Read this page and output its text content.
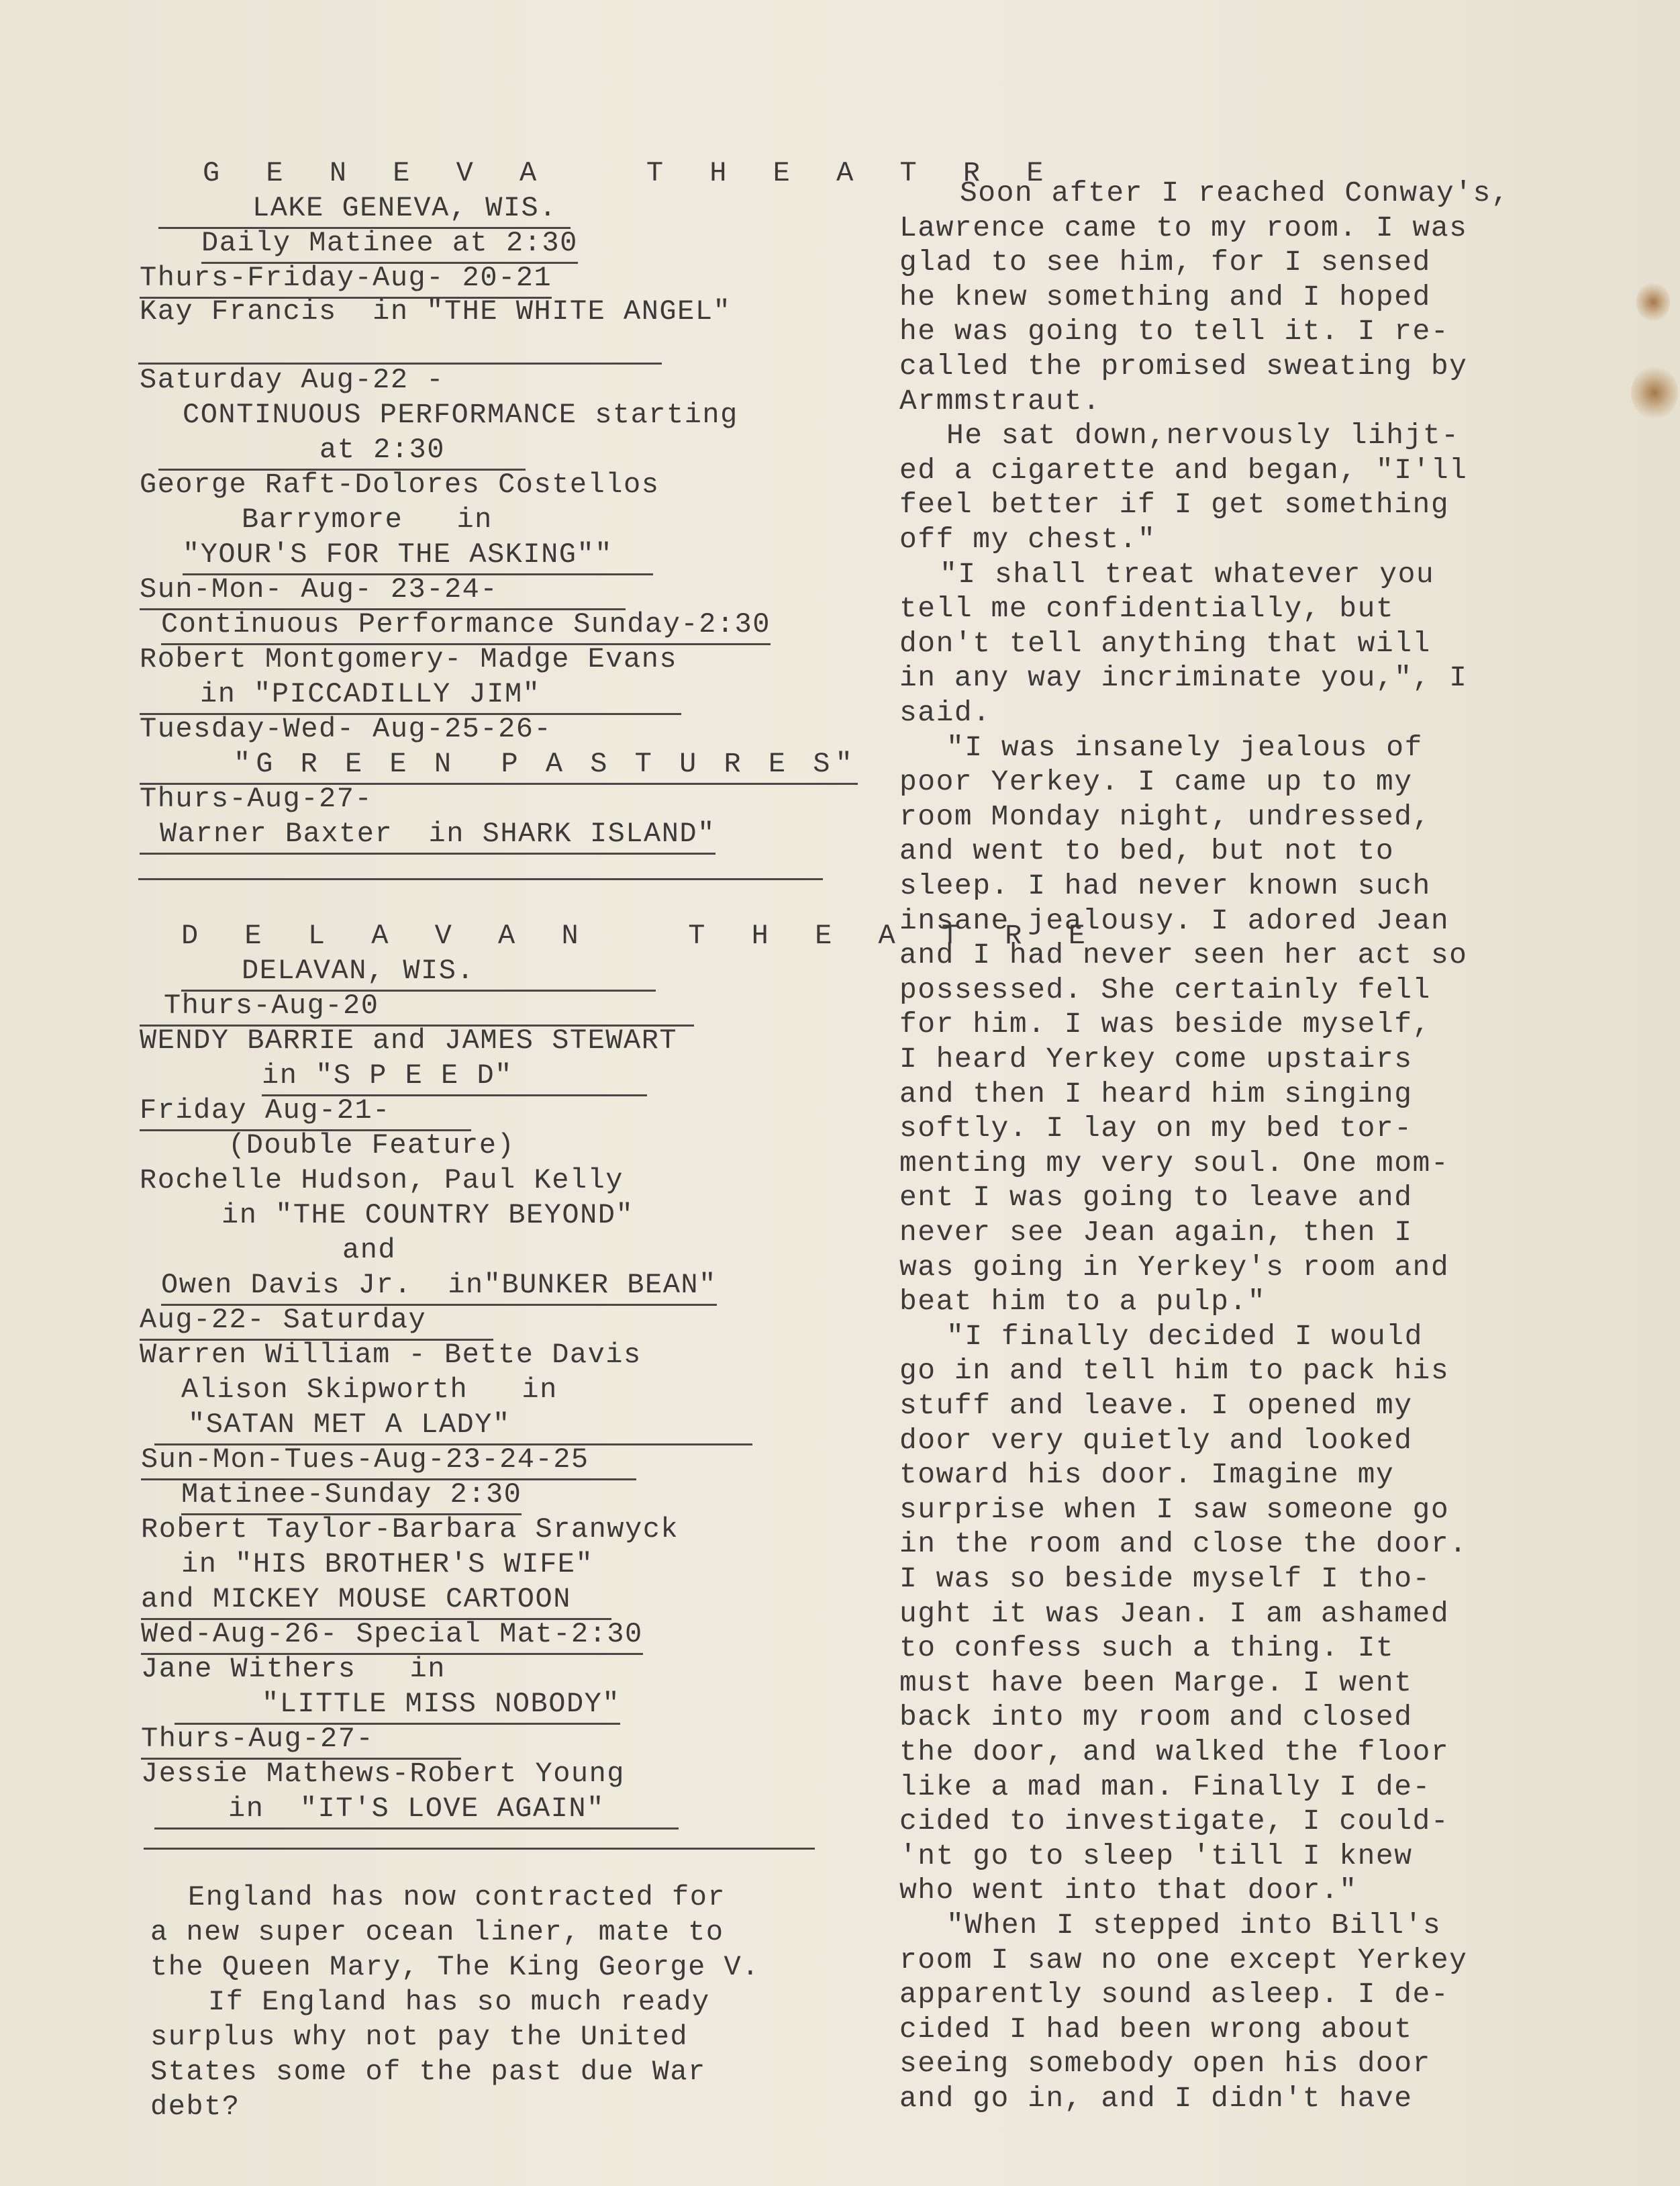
G E N E V A   T H E A T R E
LAKE GENEVA, WIS.
Daily Matinee at 2:30
Thurs-Friday-Aug- 20-21
Kay Francis  in "THE WHITE ANGEL"
Saturday Aug-22 -
CONTINUOUS PERFORMANCE starting
at 2:30
George Raft-Dolores Costellos
Barrymore   in
"YOUR'S FOR THE ASKING""
Sun-Mon- Aug- 23-24-
Continuous Performance Sunday-2:30
Robert Montgomery- Madge Evans
in "PICCADILLY JIM"
Tuesday-Wed- Aug-25-26-
"G R E E N  P A S T U R E S"
Thurs-Aug-27-
Warner Baxter  in SHARK ISLAND"
D E L A V A N   T H E A T R E
DELAVAN, WIS.
Thurs-Aug-20
WENDY BARRIE and JAMES STEWART
in "S P E E D"
Friday Aug-21-
(Double Feature)
Rochelle Hudson, Paul Kelly
in "THE COUNTRY BEYOND"
and
Owen Davis Jr.  in"BUNKER BEAN"
Aug-22- Saturday
Warren William - Bette Davis
Alison Skipworth   in
"SATAN MET A LADY"
Sun-Mon-Tues-Aug-23-24-25
Matinee-Sunday 2:30
Robert Taylor-Barbara Sranwyck
in "HIS BROTHER'S WIFE"
and MICKEY MOUSE CARTOON
Wed-Aug-26- Special Mat-2:30
Jane Withers   in
"LITTLE MISS NOBODY"
Thurs-Aug-27-
Jessie Mathews-Robert Young
in  "IT'S LOVE AGAIN"
England has now contracted for
a new super ocean liner, mate to
the Queen Mary, The King George V.
If England has so much ready
surplus why not pay the United
States some of the past due War
debt?
Soon after I reached Conway's,
Lawrence came to my room. I was
glad to see him, for I sensed
he knew something and I hoped
he was going to tell it. I re-
called the promised sweating by
Armmstraut.
He sat down,nervously lihjt-
ed a cigarette and began, "I'll
feel better if I get something
off my chest."
"I shall treat whatever you
tell me confidentially, but
don't tell anything that will
in any way incriminate you,", I
said.
"I was insanely jealous of
poor Yerkey. I came up to my
room Monday night, undressed,
and went to bed, but not to
sleep. I had never known such
insane jealousy. I adored Jean
and I had never seen her act so
possessed. She certainly fell
for him. I was beside myself,
I heard Yerkey come upstairs
and then I heard him singing
softly. I lay on my bed tor-
menting my very soul. One mom-
ent I was going to leave and
never see Jean again, then I
was going in Yerkey's room and
beat him to a pulp."
"I finally decided I would
go in and tell him to pack his
stuff and leave. I opened my
door very quietly and looked
toward his door. Imagine my
surprise when I saw someone go
in the room and close the door.
I was so beside myself I tho-
ught it was Jean. I am ashamed
to confess such a thing. It
must have been Marge. I went
back into my room and closed
the door, and walked the floor
like a mad man. Finally I de-
cided to investigate, I could-
'nt go to sleep 'till I knew
who went into that door."
"When I stepped into Bill's
room I saw no one except Yerkey
apparently sound asleep. I de-
cided I had been wrong about
seeing somebody open his door
and go in, and I didn't have
